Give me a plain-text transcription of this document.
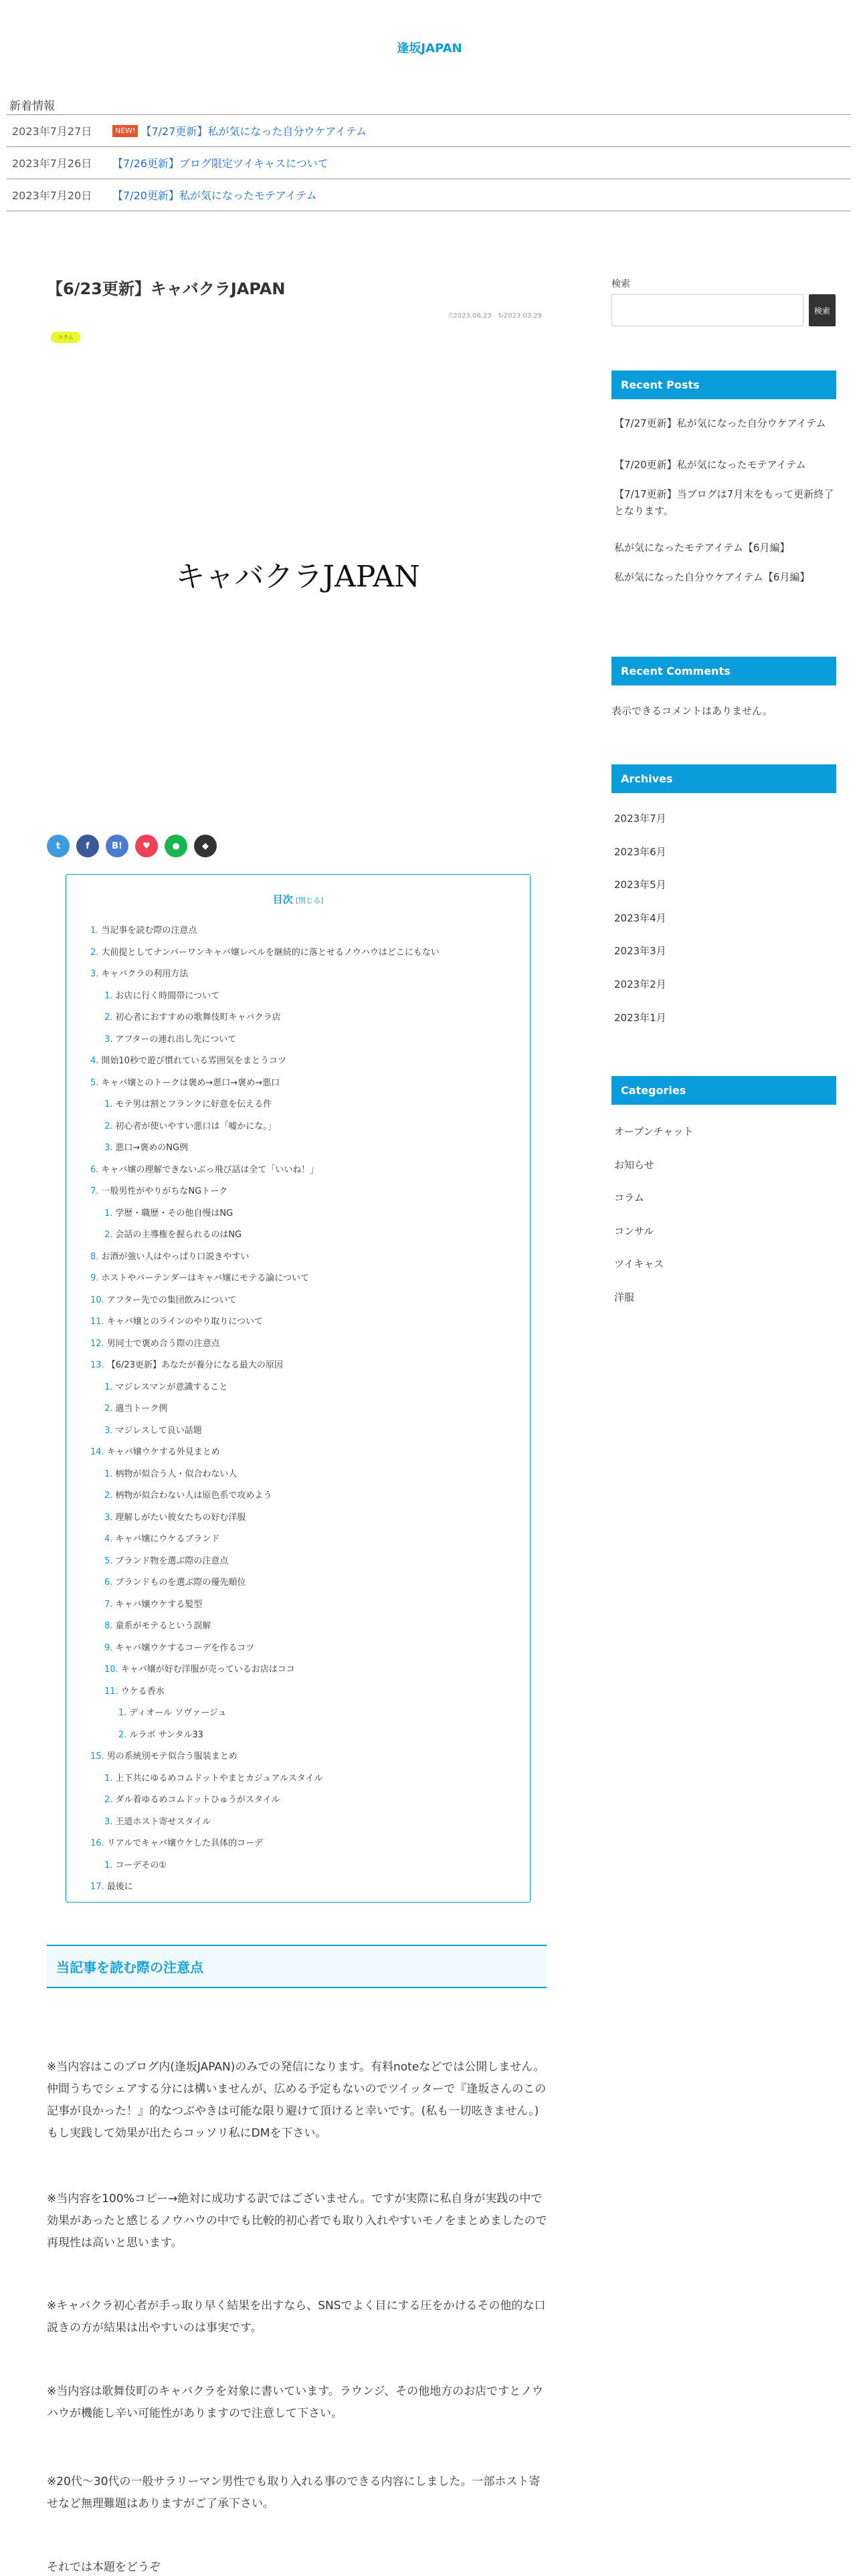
逢坂JAPAN
新着情報
2023年7月27日	NEW! 【7/27更新】私が気になった自分ウケアイテム
2023年7月26日	【7/26更新】ブログ限定ツイキャスについて
2023年7月20日	【7/20更新】私が気になったモテアイテム
【6/23更新】キャバクラJAPAN
⏱2023.06.23 ↻2023.03.29
コラム
キャバクラJAPAN
t	f	B!	♥	●	◆
目次 [閉じる]
1. 当記事を読む際の注意点
2. 大前提としてナンバーワンキャバ嬢レベルを継続的に落とせるノウハウはどこにもない
3. キャバクラの利用方法
1. お店に行く時間帯について
2. 初心者におすすめの歌舞伎町キャバクラ店
3. アフターの連れ出し先について
4. 開始10秒で遊び慣れている雰囲気をまとうコツ
5. キャバ嬢とのトークは褒め→悪口→褒め→悪口
1. モテ男は割とフランクに好意を伝える件
2. 初心者が使いやすい悪口は「嘘かにな。」
3. 悪口→褒めのNG例
6. キャバ嬢の理解できないぶっ飛び話は全て「いいね！」
7. 一般男性がやりがちなNGトーク
1. 学歴・職歴・その他自慢はNG
2. 会話の主導権を握られるのはNG
8. お酒が強い人はやっぱり口説きやすい
9. ホストやバーテンダーはキャバ嬢にモテる論について
10. アフター先での集団飲みについて
11. キャバ嬢とのラインのやり取りについて
12. 男同士で褒め合う際の注意点
13. 【6/23更新】あなたが養分になる最大の原因
1. マジレスマンが意識すること
2. 適当トーク例
3. マジレスして良い話題
14. キャバ嬢ウケする外見まとめ
1. 柄物が似合う人・似合わない人
2. 柄物が似合わない人は原色系で攻めよう
3. 理解しがたい彼女たちの好む洋服
4. キャバ嬢にウケるブランド
5. ブランド物を選ぶ際の注意点
6. ブランドものを選ぶ際の優先順位
7. キャバ嬢ウケする髪型
8. 童系がモテるという誤解
9. キャバ嬢ウケするコーデを作るコツ
10. キャバ嬢が好む洋服が売っているお店はココ
11. ウケる香水
1. ディオール ソヴァージュ
2. ルラボ サンタル33
15. 男の系統別モテ似合う服装まとめ
1. 上下共にゆるめコムドットやまとカジュアルスタイル
2. ダル着ゆるめコムドットひゅうがスタイル
3. 王道ホスト寄せスタイル
16. リアルでキャバ嬢ウケした具体的コーデ
1. コーデその①
17. 最後に
当記事を読む際の注意点

※当内容はこのブログ内(逢坂JAPAN)のみでの発信になります。有料noteなどでは公開しません。仲間うちでシェアする分には構いませんが、広める予定もないのでツイッターで『逢坂さんのこの記事が良かった！』的なつぶやきは可能な限り避けて頂けると幸いです。(私も一切呟きません。)もし実践して効果が出たらコッソリ私にDMを下さい。

※当内容を100%コピー→絶対に成功する訳ではございません。ですが実際に私自身が実践の中で効果があったと感じるノウハウの中でも比較的初心者でも取り入れやすいモノをまとめましたので再現性は高いと思います。

※キャバクラ初心者が手っ取り早く結果を出すなら、SNSでよく目にする圧をかけるその他的な口説きの方が結果は出やすいのは事実です。

※当内容は歌舞伎町のキャバクラを対象に書いています。ラウンジ、その他地方のお店ですとノウハウが機能し辛い可能性がありますので注意して下さい。

※20代〜30代の一般サラリーマン男性でも取り入れる事のできる内容にしました。一部ホスト寄せなど無理難題はありますがご了承下さい。

それでは本題をどうぞ

検索
検索
Recent Posts
【7/27更新】私が気になった自分ウケアイテム
【7/20更新】私が気になったモテアイテム
【7/17更新】当ブログは7月末をもって更新終了となります。
私が気になったモテアイテム【6月編】
私が気になった自分ウケアイテム【6月編】
Recent Comments
表示できるコメントはありません。
Archives
2023年7月
2023年6月
2023年5月
2023年4月
2023年3月
2023年2月
2023年1月
Categories
オープンチャット
お知らせ
コラム
コンサル
ツイキャス
洋服
